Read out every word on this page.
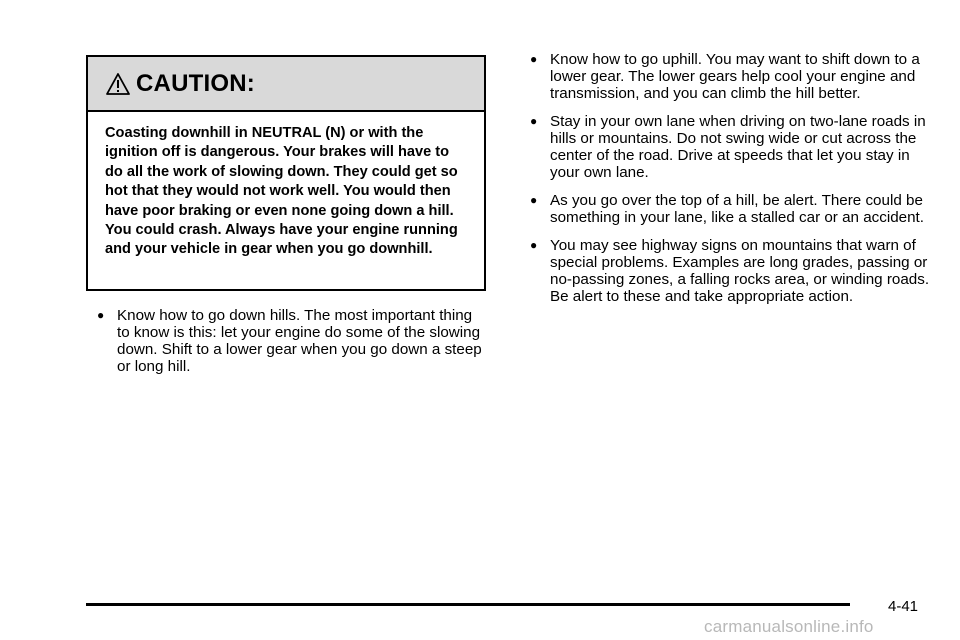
CAUTION:
Coasting downhill in NEUTRAL (N) or with the ignition off is dangerous. Your brakes will have to do all the work of slowing down. They could get so hot that they would not work well. You would then have poor braking or even none going down a hill. You could crash. Always have your engine running and your vehicle in gear when you go downhill.
● Know how to go down hills. The most important thing to know is this: let your engine do some of the slowing down. Shift to a lower gear when you go down a steep or long hill.
● Know how to go uphill. You may want to shift down to a lower gear. The lower gears help cool your engine and transmission, and you can climb the hill better.
● Stay in your own lane when driving on two-lane roads in hills or mountains. Do not swing wide or cut across the center of the road. Drive at speeds that let you stay in your own lane.
● As you go over the top of a hill, be alert. There could be something in your lane, like a stalled car or an accident.
● You may see highway signs on mountains that warn of special problems. Examples are long grades, passing or no-passing zones, a falling rocks area, or winding roads. Be alert to these and take appropriate action.
4-41
carmanualsonline.info
